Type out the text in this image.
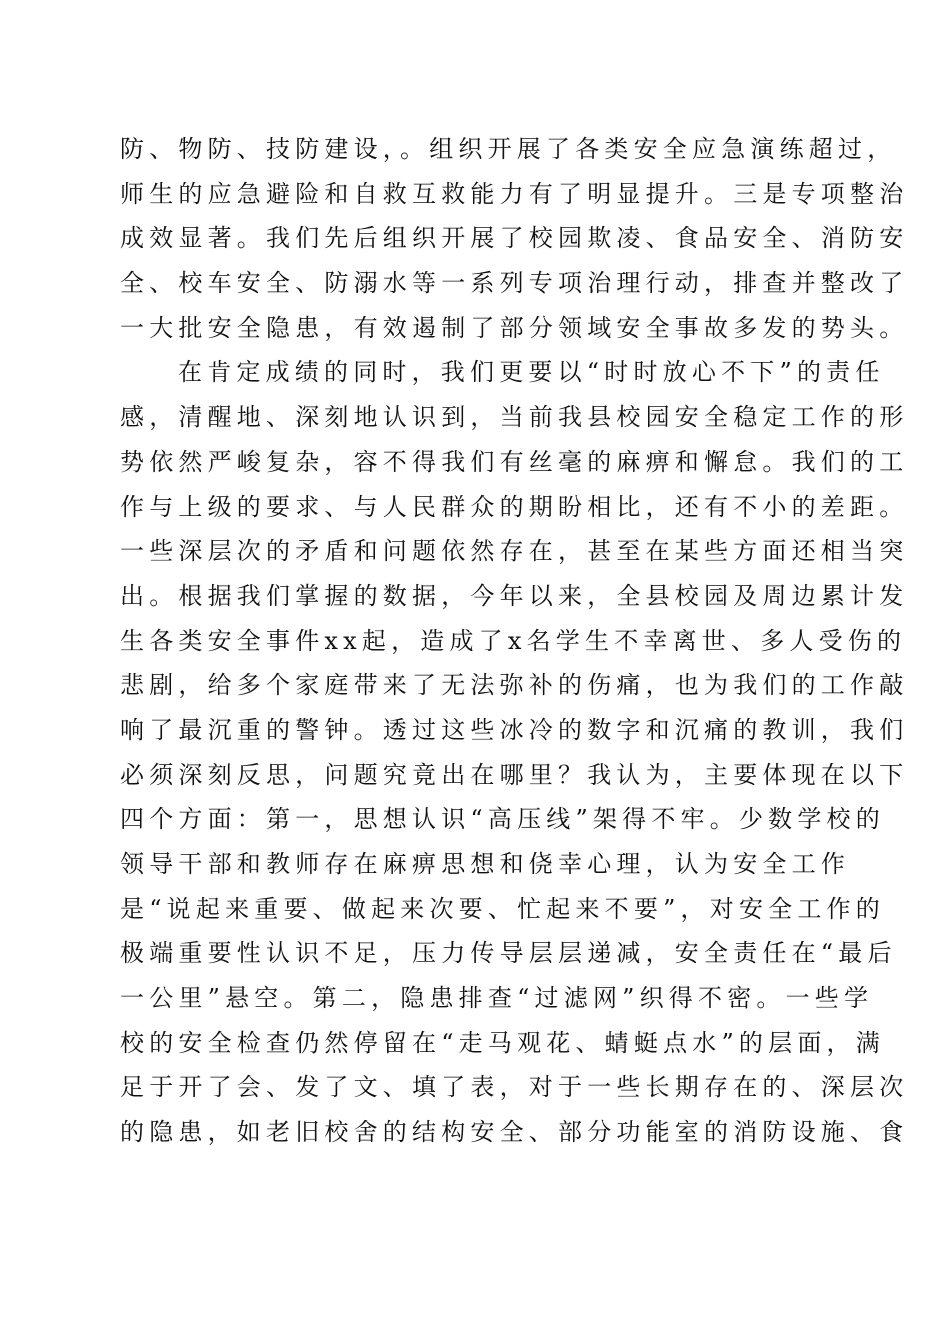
防、物防、技防建设，。组织开展了各类安全应急演练超过，
师生的应急避险和自救互救能力有了明显提升。三是专项整治
成效显著。我们先后组织开展了校园欺凌、食品安全、消防安
全、校车安全、防溺水等一系列专项治理行动，排查并整改了
一大批安全隐患，有效遏制了部分领域安全事故多发的势头。
在肯定成绩的同时，我们更要以“时时放心不下”的责任
感，清醒地、深刻地认识到，当前我县校园安全稳定工作的形
势依然严峻复杂，容不得我们有丝毫的麻痹和懈怠。我们的工
作与上级的要求、与人民群众的期盼相比，还有不小的差距。
一些深层次的矛盾和问题依然存在，甚至在某些方面还相当突
出。根据我们掌握的数据，今年以来，全县校园及周边累计发
生各类安全事件xx起，造成了x名学生不幸离世、多人受伤的
悲剧，给多个家庭带来了无法弥补的伤痛，也为我们的工作敲
响了最沉重的警钟。透过这些冰冷的数字和沉痛的教训，我们
必须深刻反思，问题究竟出在哪里？我认为，主要体现在以下
四个方面：第一，思想认识“高压线”架得不牢。少数学校的
领导干部和教师存在麻痹思想和侥幸心理，认为安全工作
是“说起来重要、做起来次要、忙起来不要”，对安全工作的
极端重要性认识不足，压力传导层层递减，安全责任在“最后
一公里”悬空。第二，隐患排查“过滤网”织得不密。一些学
校的安全检查仍然停留在“走马观花、蜻蜓点水”的层面，满
足于开了会、发了文、填了表，对于一些长期存在的、深层次
的隐患，如老旧校舍的结构安全、部分功能室的消防设施、食
